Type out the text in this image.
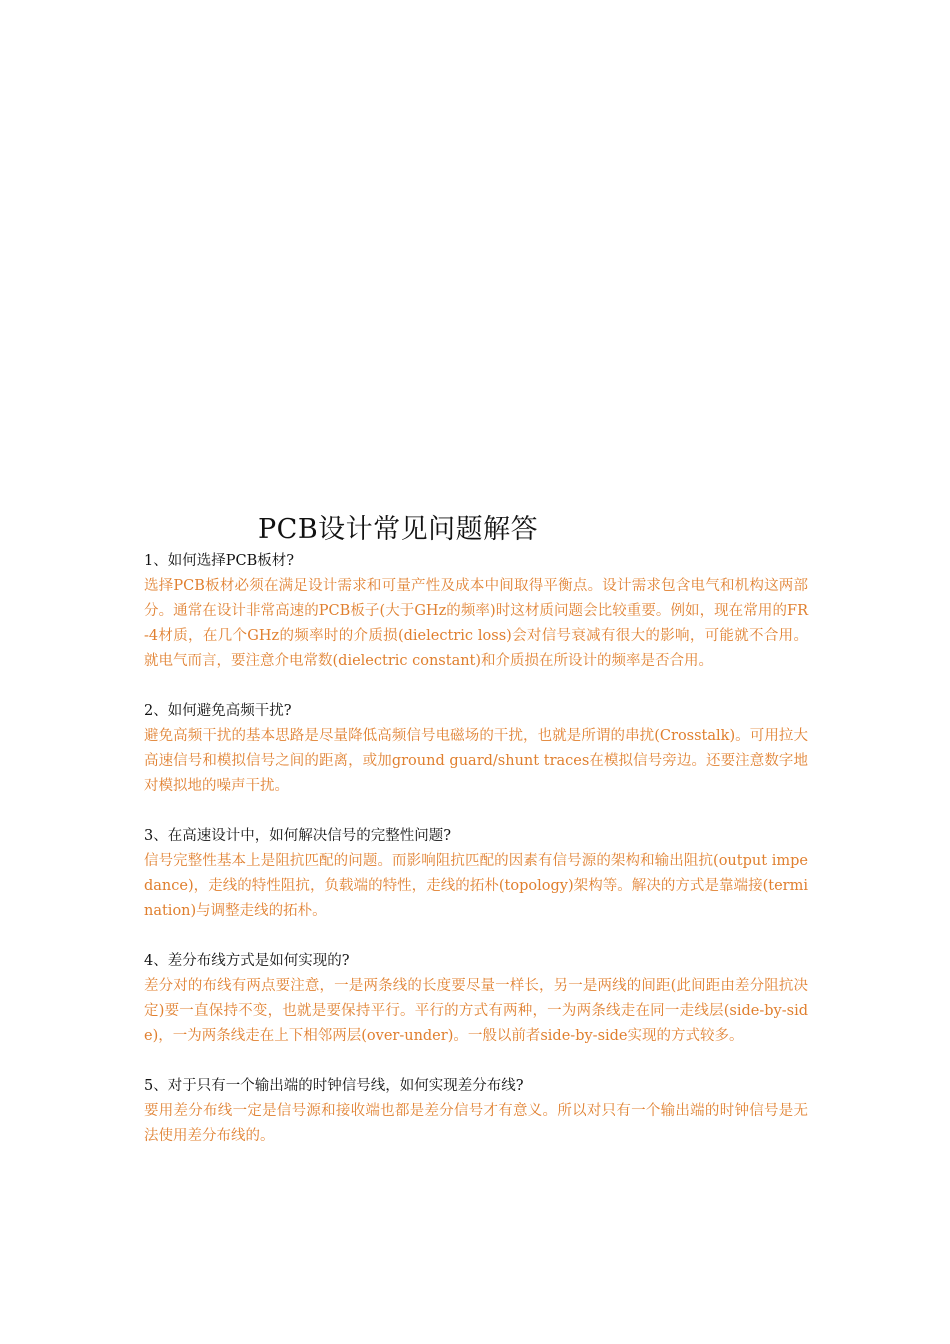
PCB设计常见问题解答

1、如何选择PCB板材?

选择PCB板材必须在满足设计需求和可量产性及成本中间取得平衡点。设计需求包含电气和机构这两部分。通常在设计非常高速的PCB板子(大于GHz的频率)时这材质问题会比较重要。例如，现在常用的FR-4材质，在几个GHz的频率时的介质损(dielectric loss)会对信号衰减有很大的影响，可能就不合用。就电气而言，要注意介电常数(dielectric constant)和介质损在所设计的频率是否合用。

2、如何避免高频干扰?

避免高频干扰的基本思路是尽量降低高频信号电磁场的干扰，也就是所谓的串扰(Crosstalk)。可用拉大高速信号和模拟信号之间的距离，或加ground guard/shunt traces在模拟信号旁边。还要注意数字地对模拟地的噪声干扰。

3、在高速设计中，如何解决信号的完整性问题?

信号完整性基本上是阻抗匹配的问题。而影响阻抗匹配的因素有信号源的架构和输出阻抗(output impedance)，走线的特性阻抗，负载端的特性，走线的拓朴(topology)架构等。解决的方式是靠端接(termination)与调整走线的拓朴。

4、差分布线方式是如何实现的?

差分对的布线有两点要注意，一是两条线的长度要尽量一样长，另一是两线的间距(此间距由差分阻抗决定)要一直保持不变，也就是要保持平行。平行的方式有两种，一为两条线走在同一走线层(side-by-side)，一为两条线走在上下相邻两层(over-under)。一般以前者side-by-side实现的方式较多。

5、对于只有一个输出端的时钟信号线，如何实现差分布线?

要用差分布线一定是信号源和接收端也都是差分信号才有意义。所以对只有一个输出端的时钟信号是无法使用差分布线的。
